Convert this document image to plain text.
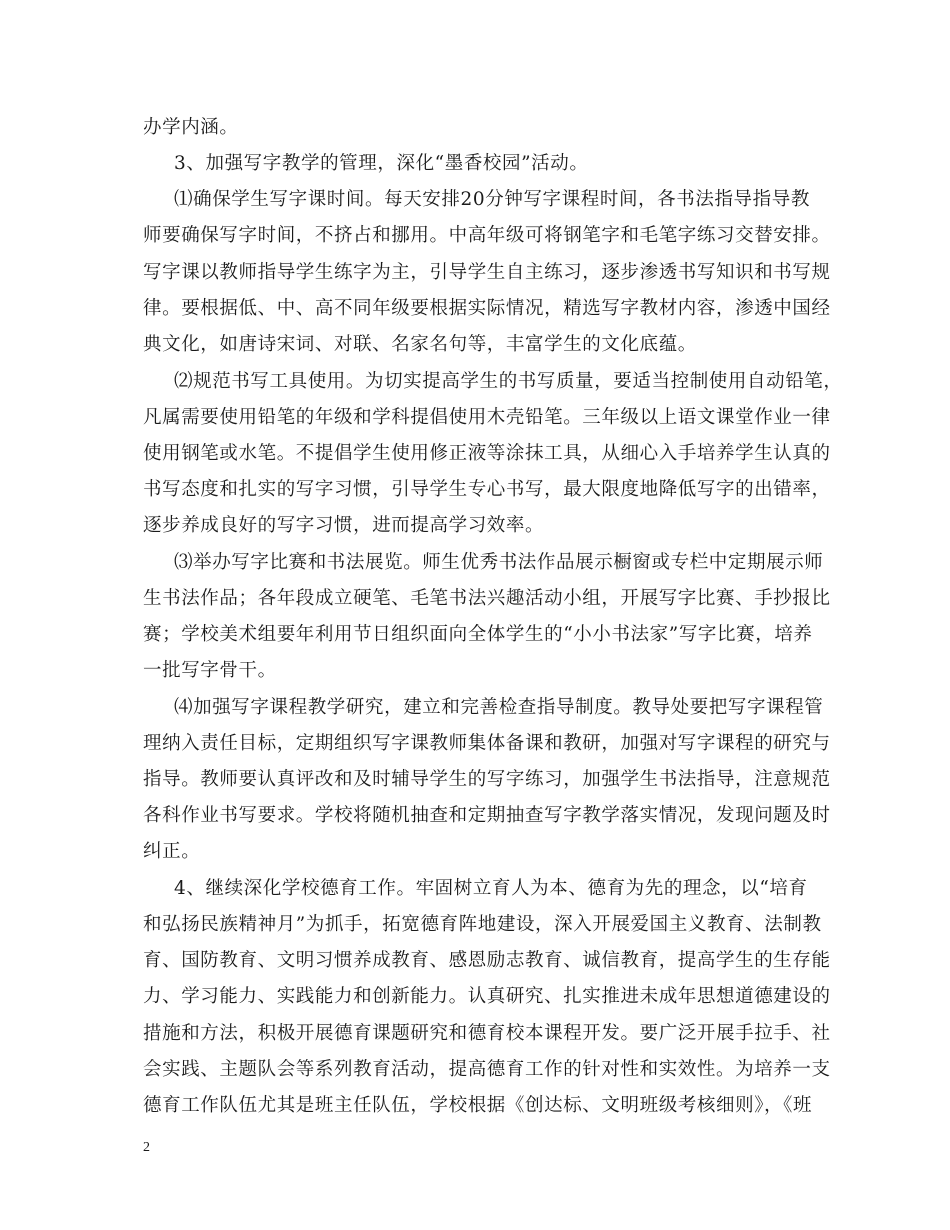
办学内涵。
3、加强写字教学的管理，深化“墨香校园”活动。
⑴确保学生写字课时间。每天安排20分钟写字课程时间，各书法指导指导教
师要确保写字时间，不挤占和挪用。中高年级可将钢笔字和毛笔字练习交替安排。
写字课以教师指导学生练字为主，引导学生自主练习，逐步渗透书写知识和书写规
律。要根据低、中、高不同年级要根据实际情况，精选写字教材内容，渗透中国经
典文化，如唐诗宋词、对联、名家名句等，丰富学生的文化底蕴。
⑵规范书写工具使用。为切实提高学生的书写质量，要适当控制使用自动铅笔，
凡属需要使用铅笔的年级和学科提倡使用木壳铅笔。三年级以上语文课堂作业一律
使用钢笔或水笔。不提倡学生使用修正液等涂抹工具，从细心入手培养学生认真的
书写态度和扎实的写字习惯，引导学生专心书写，最大限度地降低写字的出错率，
逐步养成良好的写字习惯，进而提高学习效率。
⑶举办写字比赛和书法展览。师生优秀书法作品展示橱窗或专栏中定期展示师
生书法作品；各年段成立硬笔、毛笔书法兴趣活动小组，开展写字比赛、手抄报比
赛；学校美术组要年利用节日组织面向全体学生的“小小书法家”写字比赛，培养
一批写字骨干。
⑷加强写字课程教学研究，建立和完善检查指导制度。教导处要把写字课程管
理纳入责任目标，定期组织写字课教师集体备课和教研，加强对写字课程的研究与
指导。教师要认真评改和及时辅导学生的写字练习，加强学生书法指导，注意规范
各科作业书写要求。学校将随机抽查和定期抽查写字教学落实情况，发现问题及时
纠正。
4、继续深化学校德育工作。牢固树立育人为本、德育为先的理念，以“培育
和弘扬民族精神月”为抓手，拓宽德育阵地建设，深入开展爱国主义教育、法制教
育、国防教育、文明习惯养成教育、感恩励志教育、诚信教育，提高学生的生存能
力、学习能力、实践能力和创新能力。认真研究、扎实推进未成年思想道德建设的
措施和方法，积极开展德育课题研究和德育校本课程开发。要广泛开展手拉手、社
会实践、主题队会等系列教育活动，提高德育工作的针对性和实效性。为培养一支
德育工作队伍尤其是班主任队伍，学校根据《创达标、文明班级考核细则》，《班
2
